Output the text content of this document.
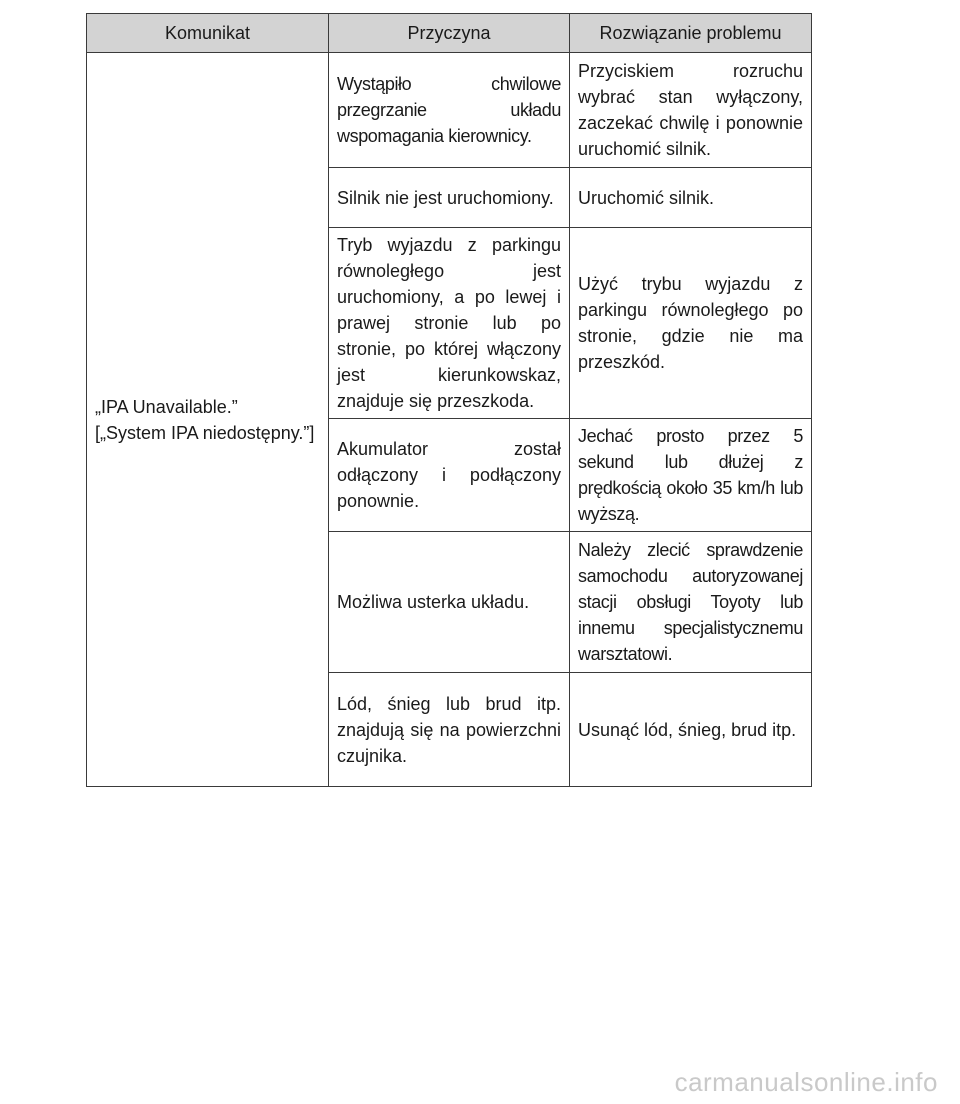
Komunikat	Przyczyna	Rozwiązanie problemu
„IPA Unavailable.”
[„System IPA niedostępny.”]	Wystąpiło chwilowe przegrzanie układu wspomagania kierownicy.	Przyciskiem rozruchu wybrać stan wyłączony, zaczekać chwilę i ponownie uruchomić silnik.
	Silnik nie jest uruchomiony.	Uruchomić silnik.
	Tryb wyjazdu z parkingu równoległego jest uruchomiony, a po lewej i prawej stronie lub po stronie, po której włączony jest kierunkowskaz, znajduje się przeszkoda.	Użyć trybu wyjazdu z parkingu równoległego po stronie, gdzie nie ma przeszkód.
	Akumulator został odłączony i podłączony ponownie.	Jechać prosto przez 5 sekund lub dłużej z prędkością około 35 km/h lub wyższą.
	Możliwa usterka układu.	Należy zlecić sprawdzenie samochodu autoryzowanej stacji obsługi Toyoty lub innemu specjalistycznemu warsztatowi.
	Lód, śnieg lub brud itp. znajdują się na powierzchni czujnika.	Usunąć lód, śnieg, brud itp.
carmanualsonline.info
